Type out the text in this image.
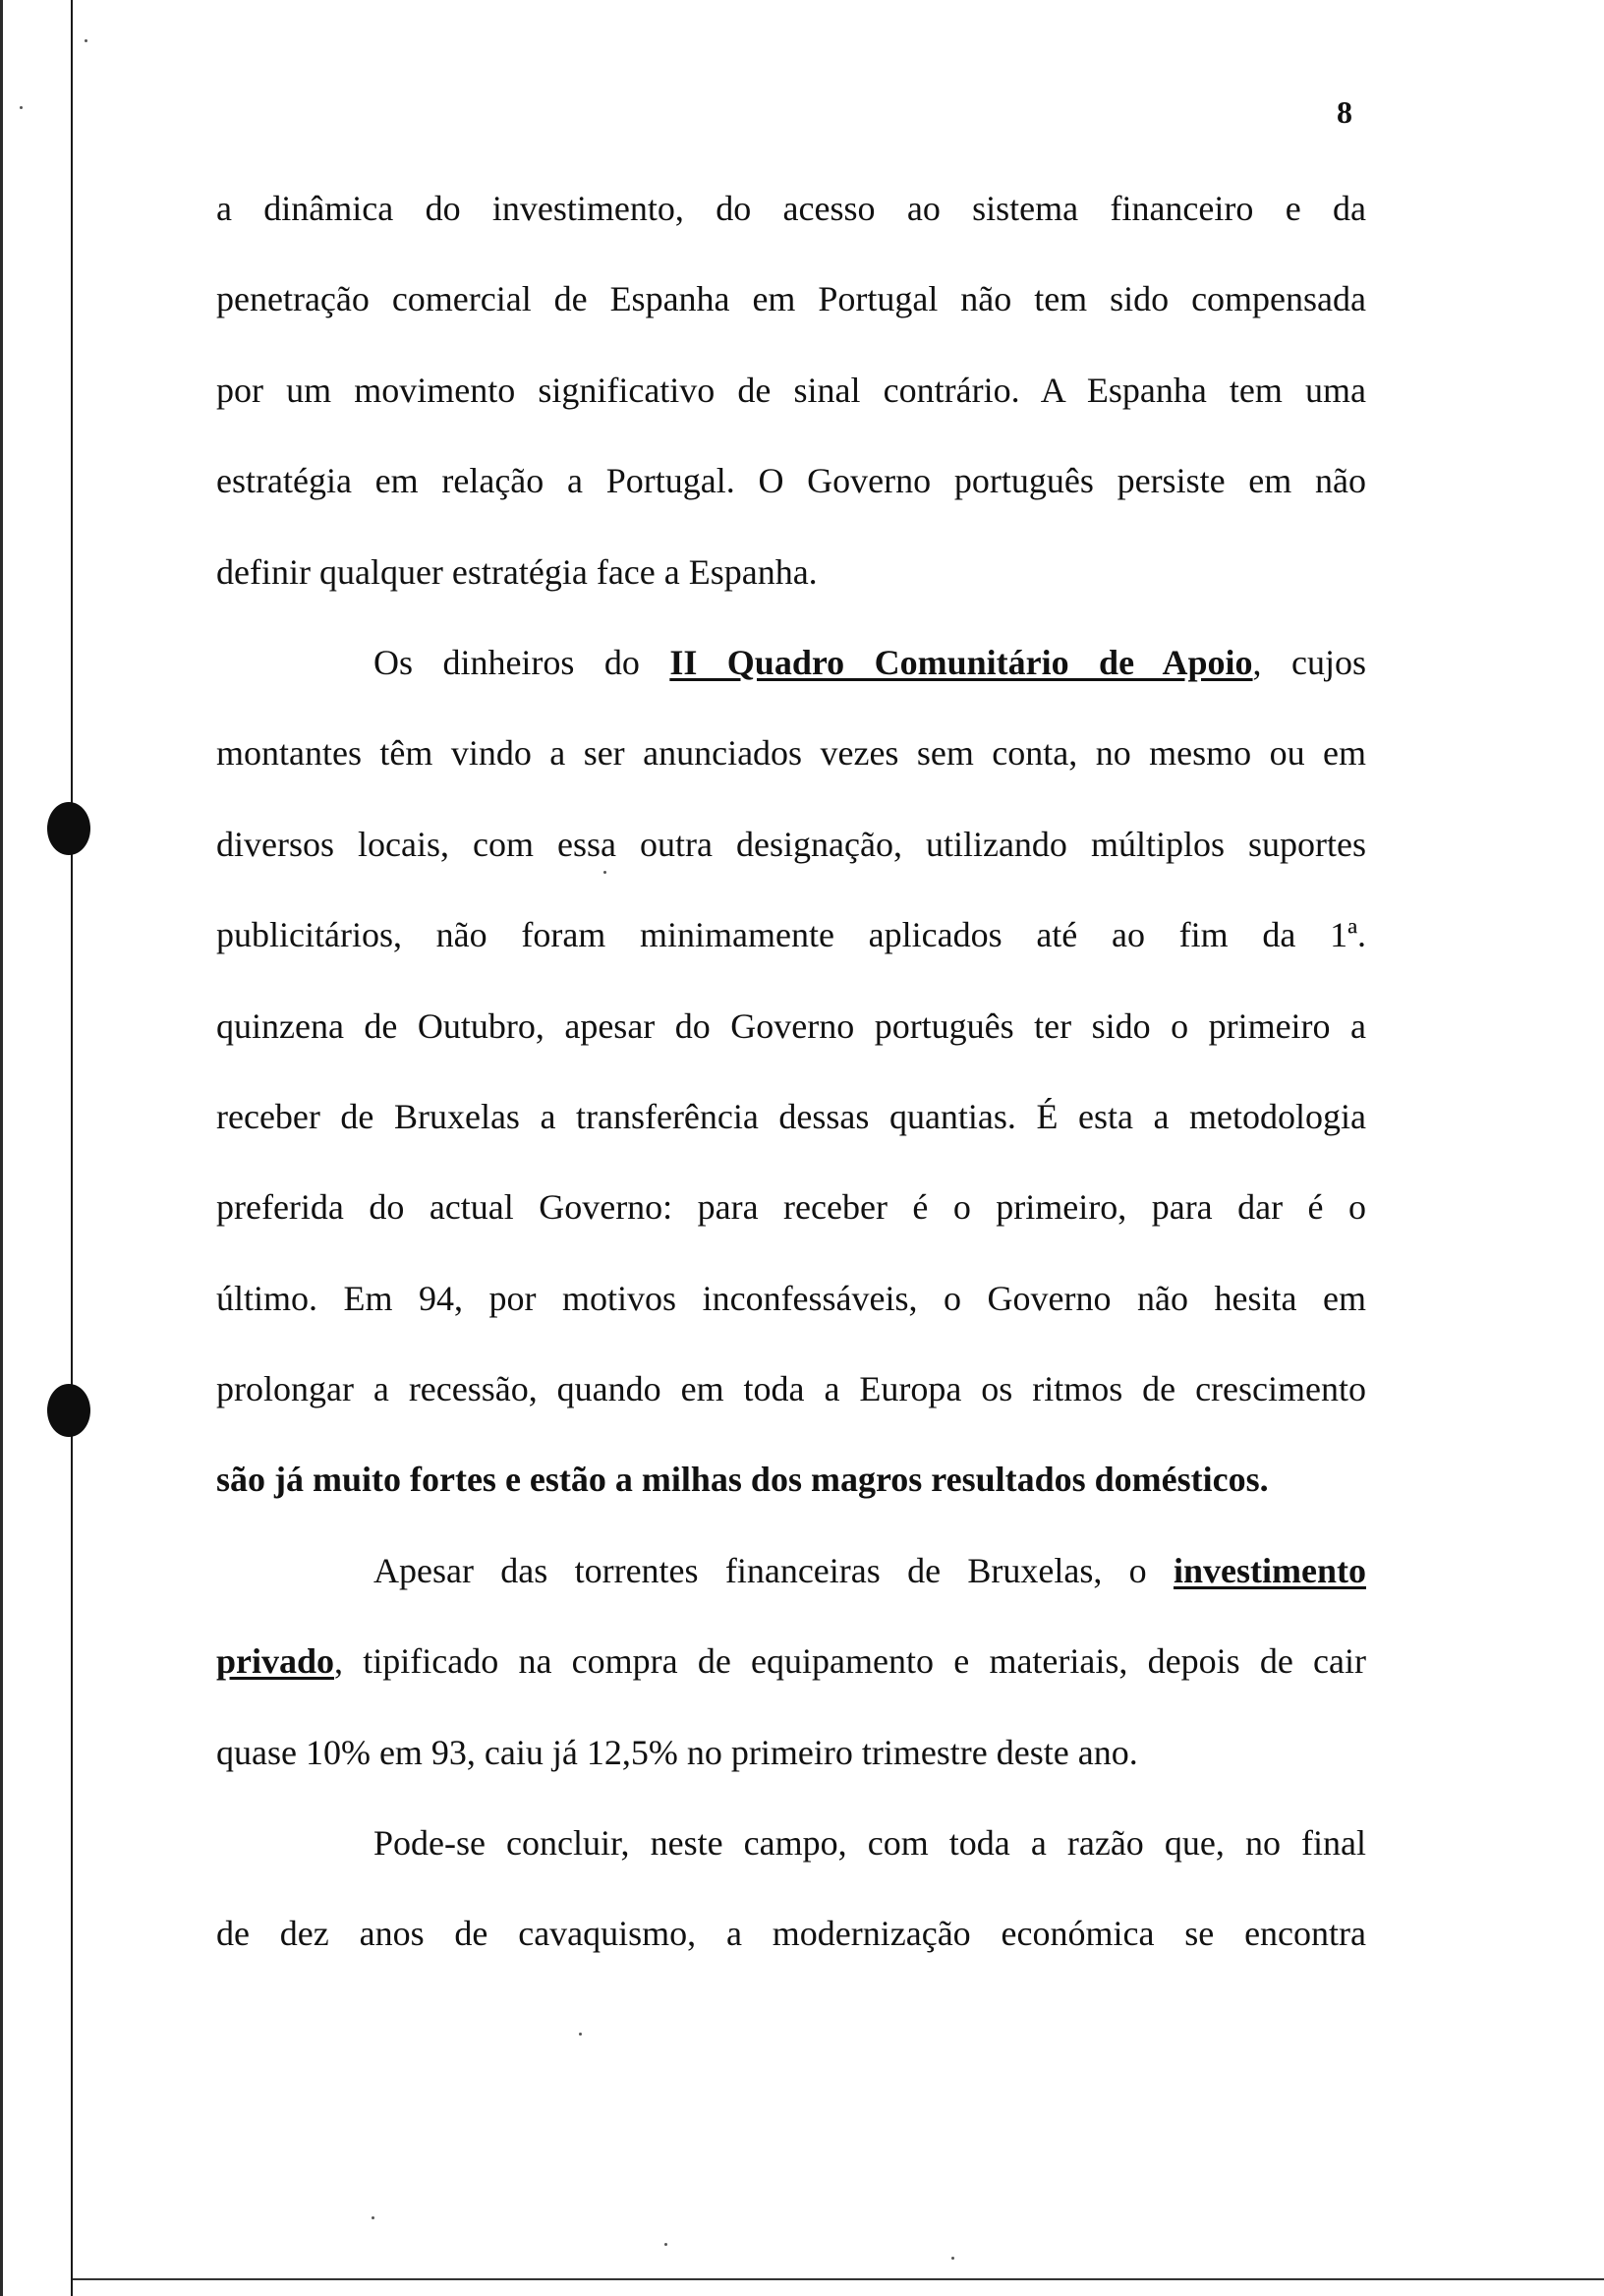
8
a dinâmica do investimento, do acesso ao sistema financeiro e da
penetração comercial de Espanha em Portugal não tem sido compensada
por um movimento significativo de sinal contrário. A Espanha tem uma
estratégia em relação a Portugal. O Governo português persiste em não
definir qualquer estratégia face a Espanha.
Os dinheiros do II Quadro Comunitário de Apoio, cujos
montantes têm vindo a ser anunciados vezes sem conta, no mesmo ou em
diversos locais, com essa outra designação, utilizando múltiplos suportes
publicitários, não foram minimamente aplicados até ao fim da 1ª.
quinzena de Outubro, apesar do Governo português ter sido o primeiro a
receber de Bruxelas a transferência dessas quantias. É esta a metodologia
preferida do actual Governo: para receber é o primeiro, para dar é o
último. Em 94, por motivos inconfessáveis, o Governo não hesita em
prolongar a recessão, quando em toda a Europa os ritmos de crescimento
são já muito fortes e estão a milhas dos magros resultados domésticos.
Apesar das torrentes financeiras de Bruxelas, o investimento
privado, tipificado na compra de equipamento e materiais, depois de cair
quase 10% em 93, caiu já 12,5% no primeiro trimestre deste ano.
Pode-se concluir, neste campo, com toda a razão que, no final
de dez anos de cavaquismo, a modernização económica se encontra
